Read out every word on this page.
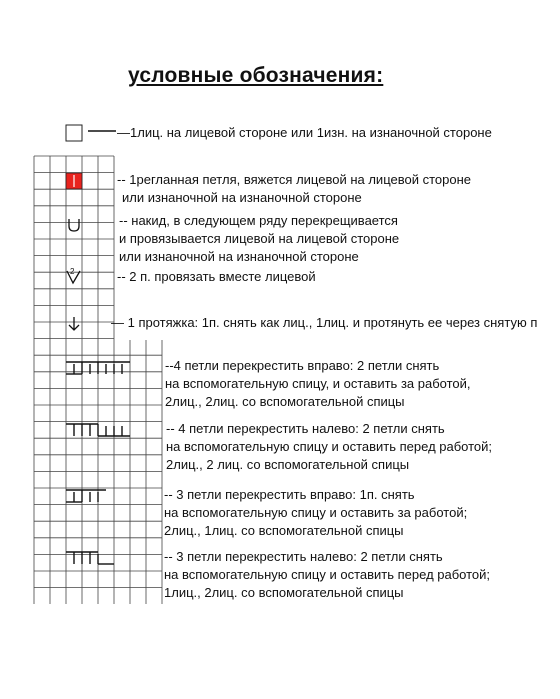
2
условные обозначения:
—1лиц. на лицевой стороне или 1изн. на изнаночной стороне
-- 1регланная петля, вяжется лицевой на лицевой стороне
или изнаночной на изнаночной стороне
-- накид, в следующем ряду перекрещивается
и провязывается лицевой на лицевой стороне
или изнаночной на изнаночной стороне
-- 2 п. провязать вместе лицевой
— 1 протяжка: 1п. снять как лиц., 1лиц. и протянуть ее через снятую п
--4 петли перекрестить вправо: 2 петли снять
на вспомогательную спицу, и оставить за работой,
2лиц., 2лиц. со вспомогательной спицы
-- 4 петли перекрестить налево: 2 петли снять
на вспомогательную спицу и оставить перед работой;
2лиц., 2 лиц. со вспомогательной спицы
-- 3 петли перекрестить вправо: 1п. снять
на вспомогательную спицу и оставить за работой;
2лиц., 1лиц. со вспомогательной спицы
-- 3 петли перекрестить налево: 2 петли снять
на вспомогательную спицу и оставить перед работой;
1лиц., 2лиц. со вспомогательной спицы
